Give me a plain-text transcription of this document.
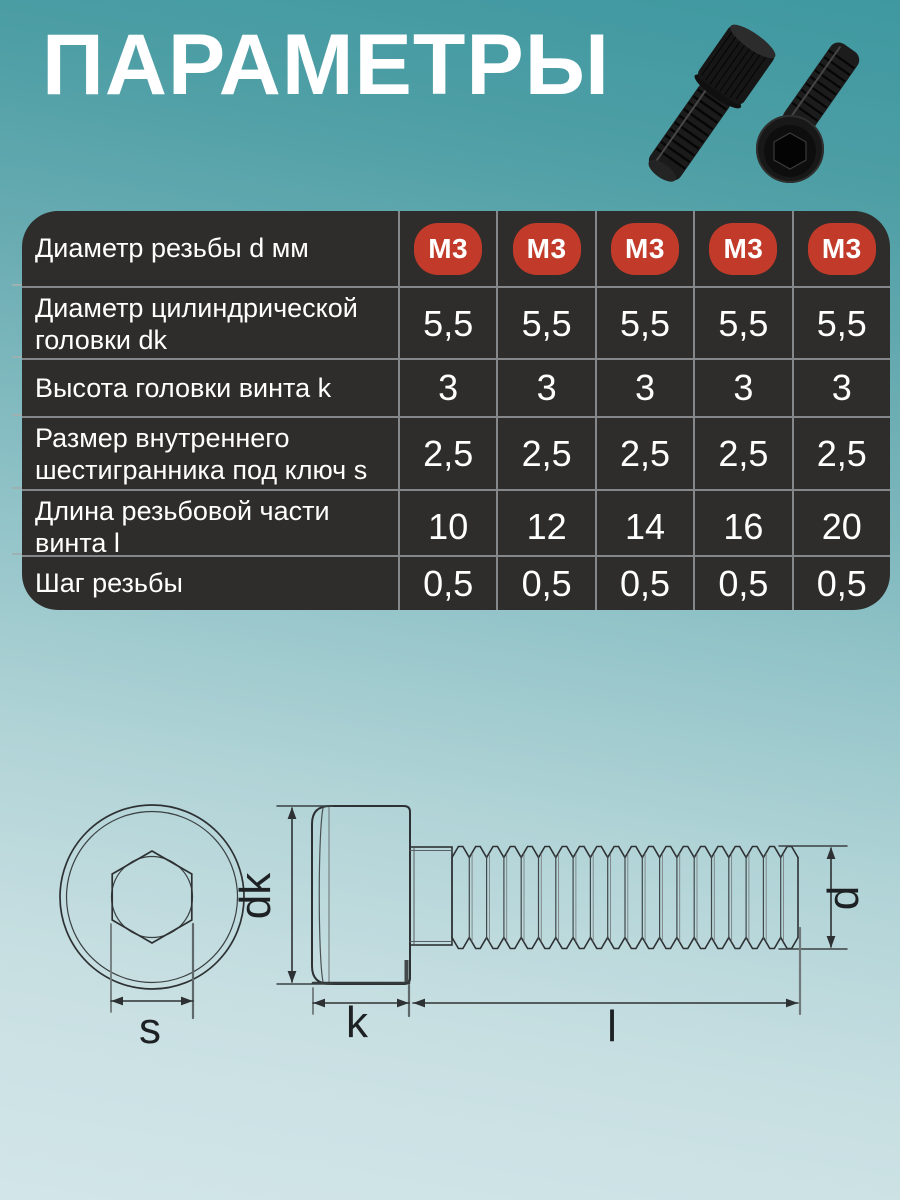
s
dk
k	l
d
ПАРАМЕТРЫ
Диаметр резьбы d мм	М3	М3	М3	М3	М3
Диаметр цилиндрической головки dk	5,5 5,5 5,5 5,5 5,5
Высота головки винта k	3 3 3 3 3
Размер внутреннего шестигранника под ключ s	2,5 2,5 2,5 2,5 2,5
Длина резьбовой части винта l	10 12 14 16 20
Шаг резьбы	0,5 0,5 0,5 0,5 0,5
